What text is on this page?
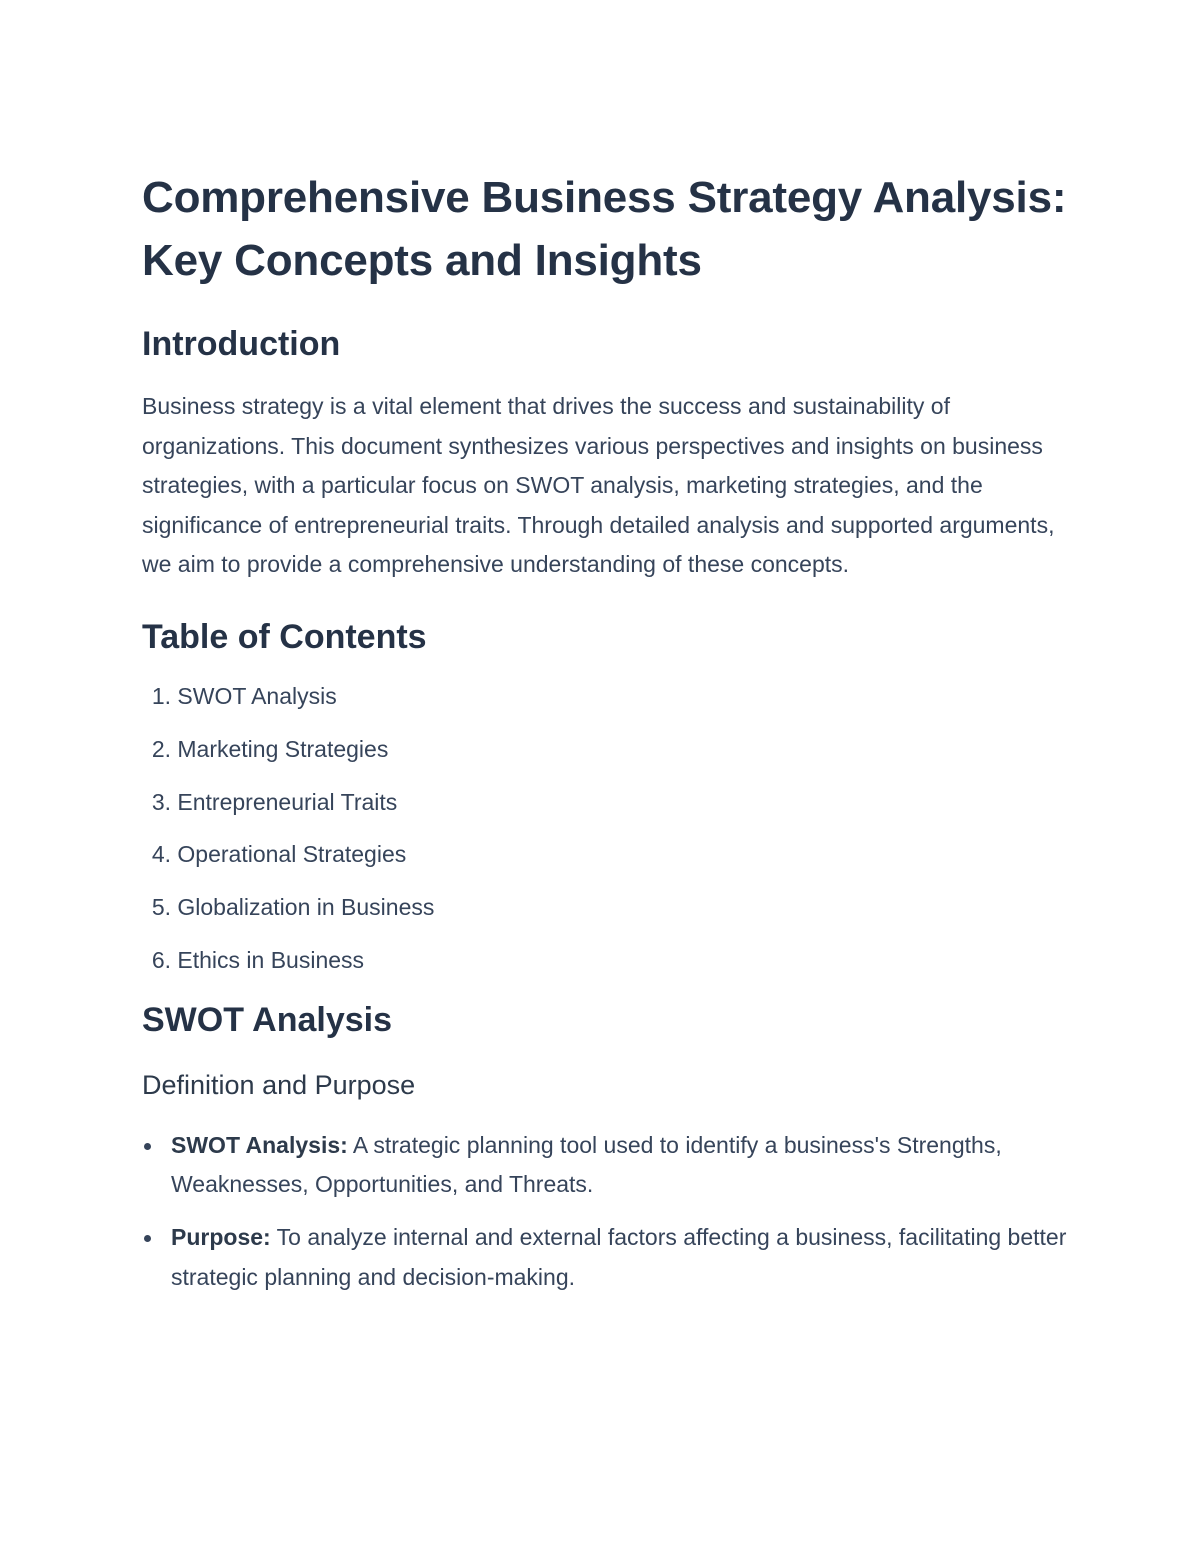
Comprehensive Business Strategy Analysis: Key Concepts and Insights
Introduction

Business strategy is a vital element that drives the success and sustainability of organizations. This document synthesizes various perspectives and insights on business strategies, with a particular focus on SWOT analysis, marketing strategies, and the significance of entrepreneurial traits. Through detailed analysis and supported arguments, we aim to provide a comprehensive understanding of these concepts.

Table of Contents
1. SWOT Analysis
2. Marketing Strategies
3. Entrepreneurial Traits
4. Operational Strategies
5. Globalization in Business
6. Ethics in Business
SWOT Analysis
Definition and Purpose
SWOT Analysis: A strategic planning tool used to identify a business's Strengths, Weaknesses, Opportunities, and Threats.
Purpose: To analyze internal and external factors affecting a business, facilitating better strategic planning and decision-making.
